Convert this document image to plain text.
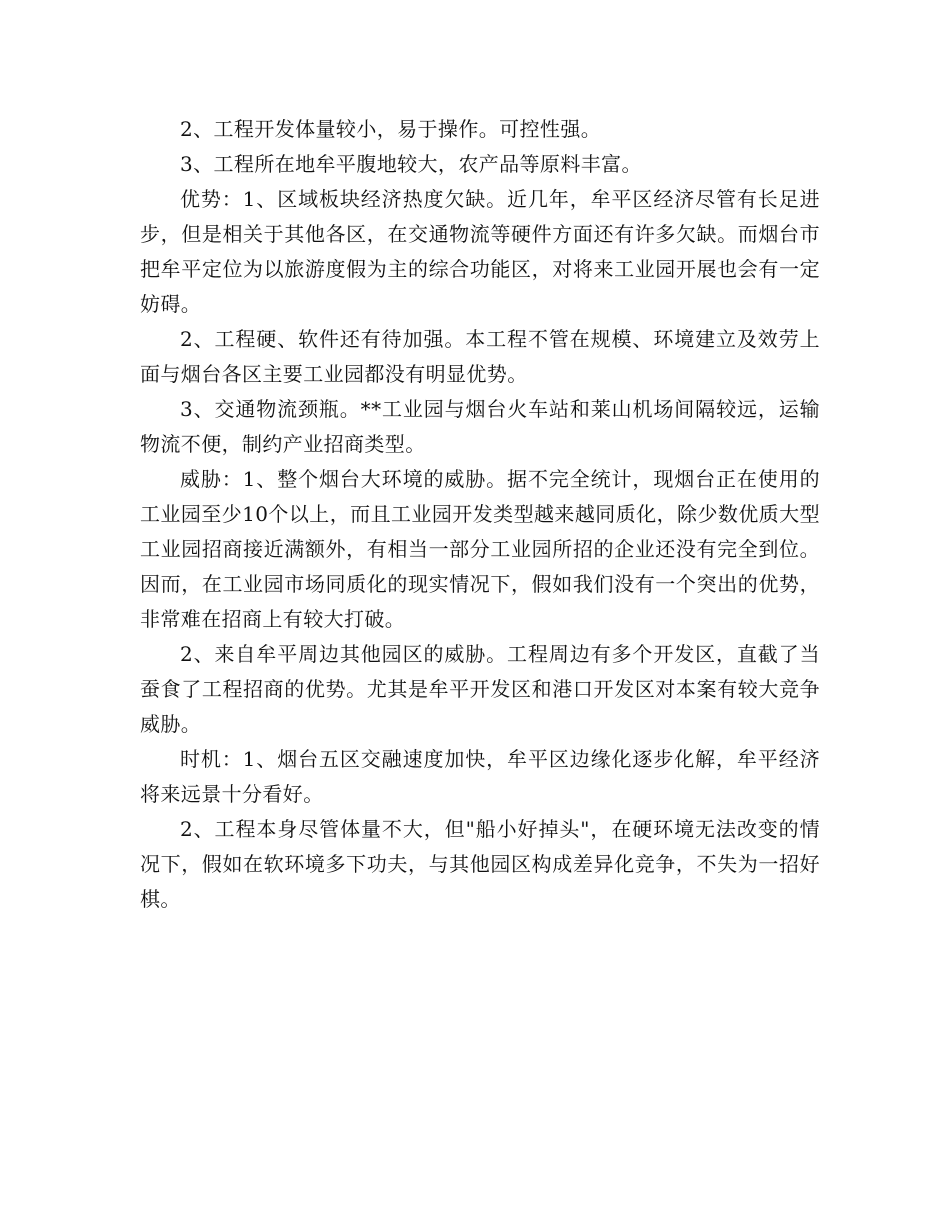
2、工程开发体量较小，易于操作。可控性强。

3、工程所在地牟平腹地较大，农产品等原料丰富。

优势：1、区域板块经济热度欠缺。近几年，牟平区经济尽管有长足进步，但是相关于其他各区，在交通物流等硬件方面还有许多欠缺。而烟台市把牟平定位为以旅游度假为主的综合功能区，对将来工业园开展也会有一定妨碍。

2、工程硬、软件还有待加强。本工程不管在规模、环境建立及效劳上面与烟台各区主要工业园都没有明显优势。

3、交通物流颈瓶。**工业园与烟台火车站和莱山机场间隔较远，运输物流不便，制约产业招商类型。

威胁：1、整个烟台大环境的威胁。据不完全统计，现烟台正在使用的工业园至少10个以上，而且工业园开发类型越来越同质化，除少数优质大型工业园招商接近满额外，有相当一部分工业园所招的企业还没有完全到位。因而，在工业园市场同质化的现实情况下，假如我们没有一个突出的优势，非常难在招商上有较大打破。

2、来自牟平周边其他园区的威胁。工程周边有多个开发区，直截了当蚕食了工程招商的优势。尤其是牟平开发区和港口开发区对本案有较大竞争威胁。

时机：1、烟台五区交融速度加快，牟平区边缘化逐步化解，牟平经济将来远景十分看好。

2、工程本身尽管体量不大，但"船小好掉头"，在硬环境无法改变的情况下，假如在软环境多下功夫，与其他园区构成差异化竞争，不失为一招好棋。
